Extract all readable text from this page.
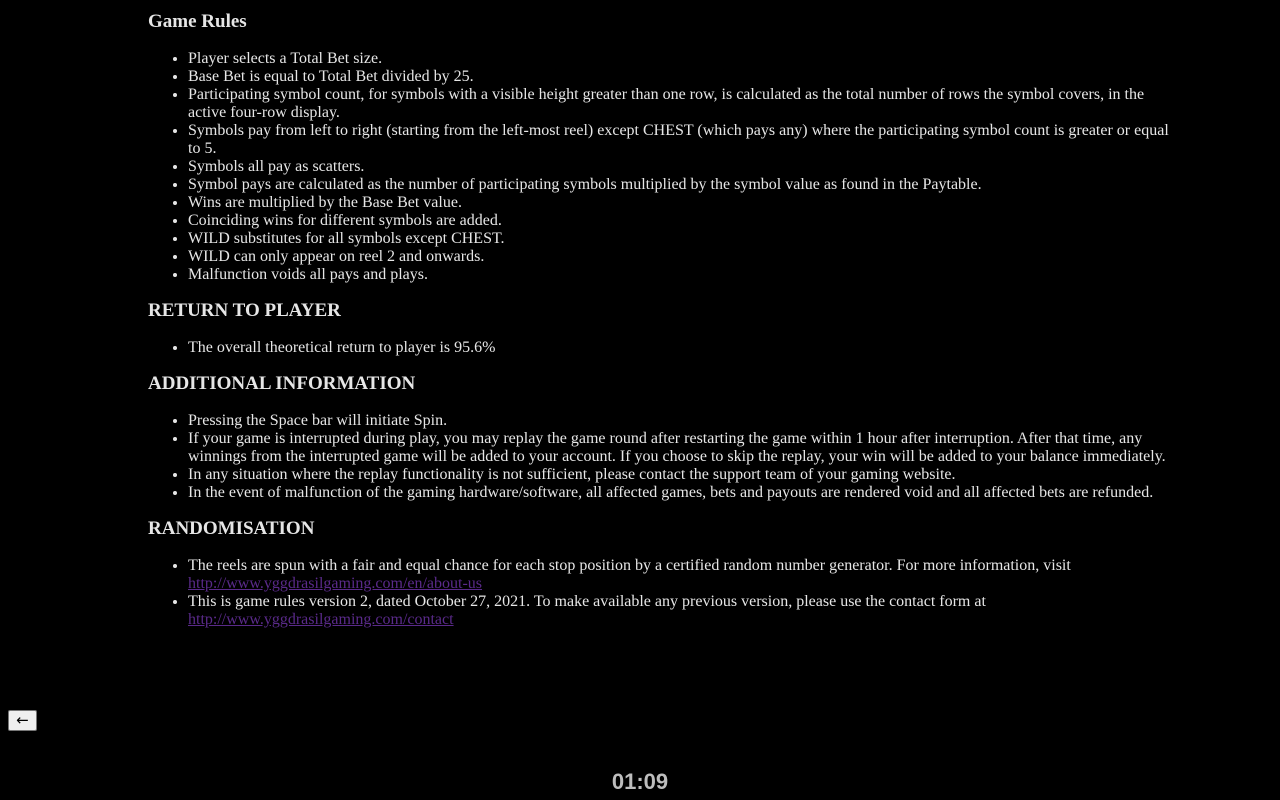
Game Rules
• Player selects a Total Bet size.
• Base Bet is equal to Total Bet divided by 25.
• Participating symbol count, for symbols with a visible height greater than one row, is calculated as the total number of rows the symbol covers, in the active four-row display.
• Symbols pay from left to right (starting from the left-most reel) except CHEST (which pays any) where the participating symbol count is greater or equal to 5.
• Symbols all pay as scatters.
• Symbol pays are calculated as the number of participating symbols multiplied by the symbol value as found in the Paytable.
• Wins are multiplied by the Base Bet value.
• Coinciding wins for different symbols are added.
• WILD substitutes for all symbols except CHEST.
• WILD can only appear on reel 2 and onwards.
• Malfunction voids all pays and plays.
RETURN TO PLAYER
• The overall theoretical return to player is 95.6%
ADDITIONAL INFORMATION
• Pressing the Space bar will initiate Spin.
• If your game is interrupted during play, you may replay the game round after restarting the game within 1 hour after interruption. After that time, any winnings from the interrupted game will be added to your account. If you choose to skip the replay, your win will be added to your balance immediately.
• In any situation where the replay functionality is not sufficient, please contact the support team of your gaming website.
• In the event of malfunction of the gaming hardware/software, all affected games, bets and payouts are rendered void and all affected bets are refunded.
RANDOMISATION
• The reels are spun with a fair and equal chance for each stop position by a certified random number generator. For more information, visit http://www.yggdrasilgaming.com/en/about-us
• This is game rules version 2, dated October 27, 2021. To make available any previous version, please use the contact form at http://www.yggdrasilgaming.com/contact
←
01:09
